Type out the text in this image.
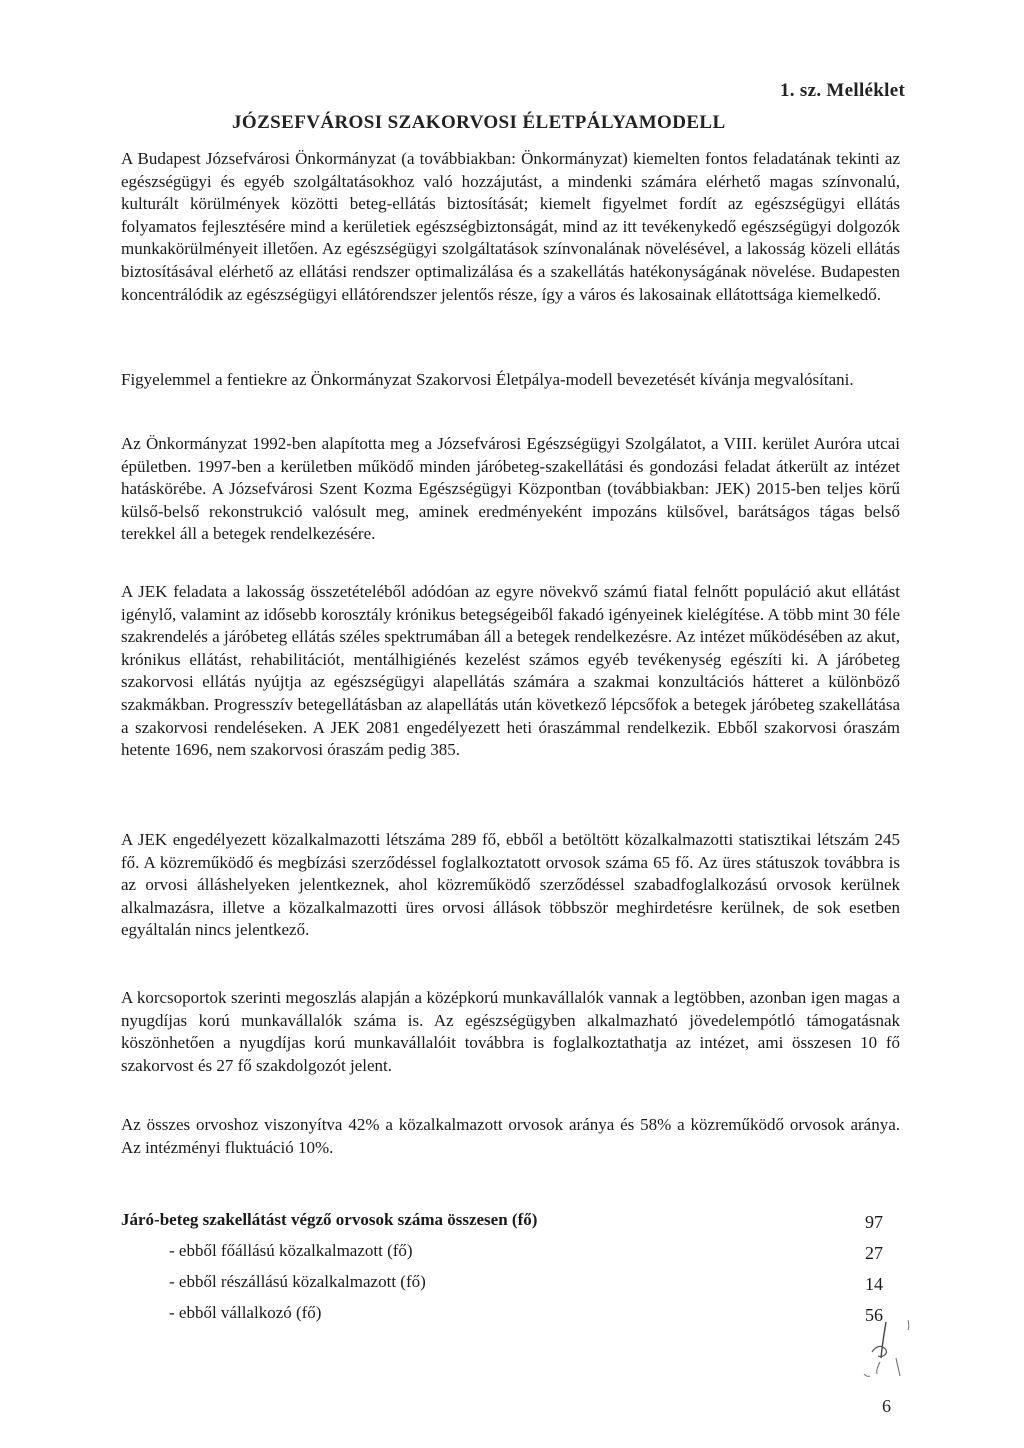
1. sz. Melléklet
JÓZSEFVÁROSI SZAKORVOSI ÉLETPÁLYAMODELL
A Budapest Józsefvárosi Önkormányzat (a továbbiakban: Önkormányzat) kiemelten fontos feladatának tekinti az egészségügyi és egyéb szolgáltatásokhoz való hozzájutást, a mindenki számára elérhető magas színvonalú, kulturált körülmények közötti beteg-ellátás biztosítását; kiemelt figyelmet fordít az egészségügyi ellátás folyamatos fejlesztésére mind a kerületiek egészségbiztonságát, mind az itt tevékenykedő egészségügyi dolgozók munkakörülményeit illetően. Az egészségügyi szolgáltatások színvonalának növelésével, a lakosság közeli ellátás biztosításával elérhető az ellátási rendszer optimalizálása és a szakellátás hatékonyságának növelése. Budapesten koncentrálódik az egészségügyi ellátórendszer jelentős része, így a város és lakosainak ellátottsága kiemelkedő.
Figyelemmel a fentiekre az Önkormányzat Szakorvosi Életpálya-modell bevezetését kívánja megvalósítani.
Az Önkormányzat 1992-ben alapította meg a Józsefvárosi Egészségügyi Szolgálatot, a VIII. kerület Auróra utcai épületben. 1997-ben a kerületben működő minden járóbeteg-szakellátási és gondozási feladat átkerült az intézet hatáskörébe. A Józsefvárosi Szent Kozma Egészségügyi Központban (továbbiakban: JEK) 2015-ben teljes körű külső-belső rekonstrukció valósult meg, aminek eredményeként impozáns külsővel, barátságos tágas belső terekkel áll a betegek rendelkezésére.
A JEK feladata a lakosság összetételéből adódóan az egyre növekvő számú fiatal felnőtt populáció akut ellátást igénylő, valamint az idősebb korosztály krónikus betegségeiből fakadó igényeinek kielégítése. A több mint 30 féle szakrendelés a járóbeteg ellátás széles spektrumában áll a betegek rendelkezésre. Az intézet működésében az akut, krónikus ellátást, rehabilitációt, mentálhigiénés kezelést számos egyéb tevékenység egészíti ki. A járóbeteg szakorvosi ellátás nyújtja az egészségügyi alapellátás számára a szakmai konzultációs hátteret a különböző szakmákban. Progresszív betegellátásban az alapellátás után következő lépcsőfok a betegek járóbeteg szakellátása a szakorvosi rendeléseken. A JEK 2081 engedélyezett heti óraszámmal rendelkezik. Ebből szakorvosi óraszám hetente 1696, nem szakorvosi óraszám pedig 385.
A JEK engedélyezett közalkalmazotti létszáma 289 fő, ebből a betöltött közalkalmazotti statisztikai létszám 245 fő. A közreműködő és megbízási szerződéssel foglalkoztatott orvosok száma 65 fő. Az üres státuszok továbbra is az orvosi álláshelyeken jelentkeznek, ahol közreműködő szerződéssel szabadfoglalkozású orvosok kerülnek alkalmazásra, illetve a közalkalmazotti üres orvosi állások többször meghirdetésre kerülnek, de sok esetben egyáltalán nincs jelentkező.
A korcsoportok szerinti megoszlás alapján a középkorú munkavállalók vannak a legtöbben, azonban igen magas a nyugdíjas korú munkavállalók száma is. Az egészségügyben alkalmazható jövedelempótló támogatásnak köszönhetően a nyugdíjas korú munkavállalóit továbbra is foglalkoztathatja az intézet, ami összesen 10 fő szakorvost és 27 fő szakdolgozót jelent.
Az összes orvoshoz viszonyítva 42% a közalkalmazott orvosok aránya és 58% a közreműködő orvosok aránya. Az intézményi fluktuáció 10%.
Járó-beteg szakellátást végző orvosok száma összesen (fő)	97
- ebből főállású közalkalmazott (fő)	27
- ebből részállású közalkalmazott (fő)	14
- ebből vállalkozó (fő)	56
6
